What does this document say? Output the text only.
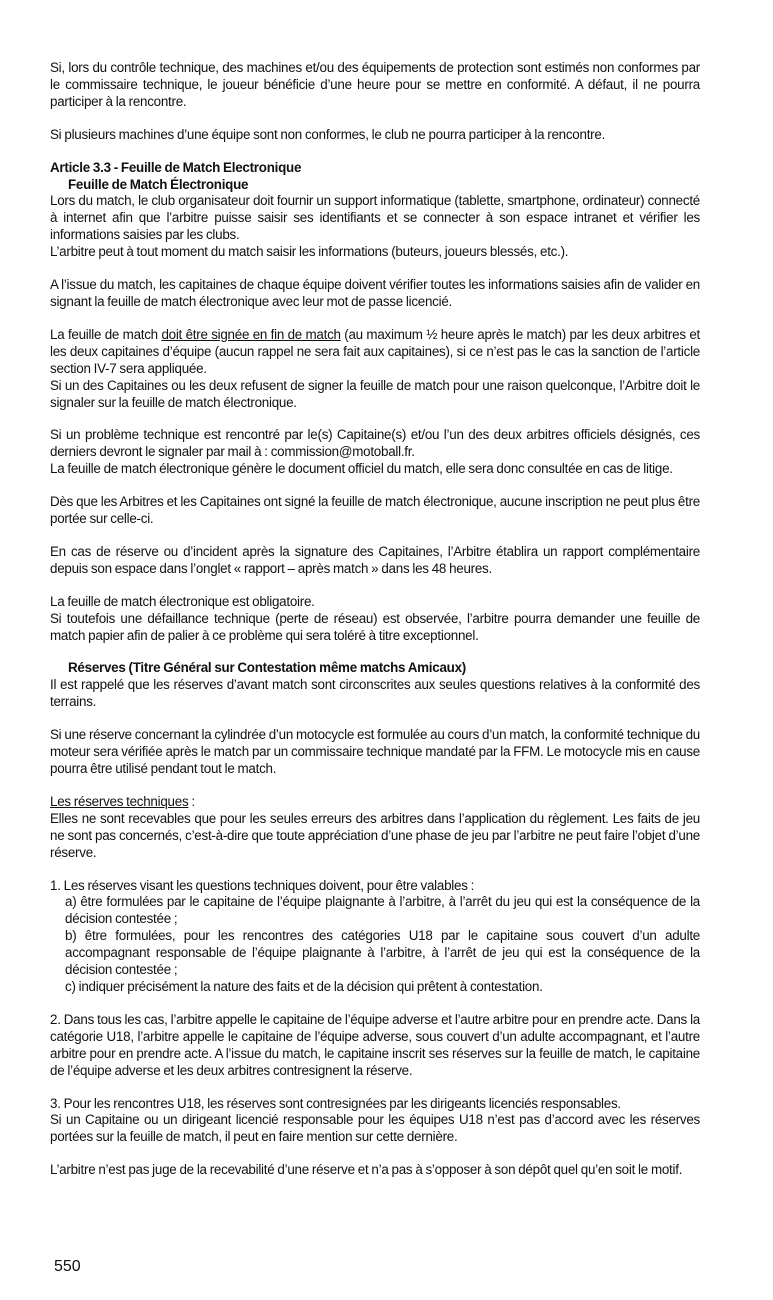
Si, lors du contrôle technique, des machines et/ou des équipements de protection sont estimés non conformes par le commissaire technique, le joueur bénéficie d’une heure pour se mettre en conformité. A défaut, il ne pourra participer à la rencontre.

Si plusieurs machines d’une équipe sont non conformes, le club ne pourra participer à la rencontre.

Article 3.3 - Feuille de Match Electronique

Feuille de Match Électronique

Lors du match, le club organisateur doit fournir un support informatique (tablette, smartphone, ordinateur) connecté à internet afin que l’arbitre puisse saisir ses identifiants et se connecter à son espace intranet et vérifier les informations saisies par les clubs.

L’arbitre peut à tout moment du match saisir les informations (buteurs, joueurs blessés, etc.).

A l’issue du match, les capitaines de chaque équipe doivent vérifier toutes les informations saisies afin de valider en signant la feuille de match électronique avec leur mot de passe licencié.

La feuille de match doit être signée en fin de match (au maximum ½ heure après le match) par les deux arbitres et les deux capitaines d’équipe (aucun rappel ne sera fait aux capitaines), si ce n’est pas le cas la sanction de l’article section IV-7 sera appliquée.

Si un des Capitaines ou les deux refusent de signer la feuille de match pour une raison quelconque, l’Arbitre doit le signaler sur la feuille de match électronique.

Si un problème technique est rencontré par le(s) Capitaine(s) et/ou l’un des deux arbitres officiels désignés, ces derniers devront le signaler par mail à : commission@motoball.fr.

La feuille de match électronique génère le document officiel du match, elle sera donc consultée en cas de litige.

Dès que les Arbitres et les Capitaines ont signé la feuille de match électronique, aucune inscription ne peut plus être portée sur celle-ci.

En cas de réserve ou d’incident après la signature des Capitaines, l’Arbitre établira un rapport complémentaire depuis son espace dans l’onglet « rapport – après match » dans les 48 heures.

La feuille de match électronique est obligatoire.

Si toutefois une défaillance technique (perte de réseau) est observée, l’arbitre pourra demander une feuille de match papier afin de palier à ce problème qui sera toléré à titre exceptionnel.

Réserves (Titre Général sur Contestation même matchs Amicaux)

Il est rappelé que les réserves d’avant match sont circonscrites aux seules questions relatives à la conformité des terrains.

Si une réserve concernant la cylindrée d’un motocycle est formulée au cours d’un match, la conformité technique du moteur sera vérifiée après le match par un commissaire technique mandaté par la FFM. Le motocycle mis en cause pourra être utilisé pendant tout le match.

Les réserves techniques :

Elles ne sont recevables que pour les seules erreurs des arbitres dans l’application du règlement. Les faits de jeu ne sont pas concernés, c’est-à-dire que toute appréciation d’une phase de jeu par l’arbitre ne peut faire l’objet d’une réserve.

1. Les réserves visant les questions techniques doivent, pour être valables :

a) être formulées par le capitaine de l’équipe plaignante à l’arbitre, à l’arrêt du jeu qui est la conséquence de la décision contestée ;

b) être formulées, pour les rencontres des catégories U18 par le capitaine sous couvert d’un adulte accompagnant responsable de l’équipe plaignante à l’arbitre, à l’arrêt de jeu qui est la conséquence de la décision contestée ;

c) indiquer précisément la nature des faits et de la décision qui prêtent à contestation.

2. Dans tous les cas, l’arbitre appelle le capitaine de l’équipe adverse et l’autre arbitre pour en prendre acte. Dans la catégorie U18, l’arbitre appelle le capitaine de l’équipe adverse, sous couvert d’un adulte accompagnant, et l’autre arbitre pour en prendre acte. A l’issue du match, le capitaine inscrit ses réserves sur la feuille de match, le capitaine de l’équipe adverse et les deux arbitres contresignent la réserve.

3. Pour les rencontres U18, les réserves sont contresignées par les dirigeants licenciés responsables.

Si un Capitaine ou un dirigeant licencié responsable pour les équipes U18 n’est pas d’accord avec les réserves portées sur la feuille de match, il peut en faire mention sur cette dernière.

L’arbitre n’est pas juge de la recevabilité d’une réserve et n’a pas à s’opposer à son dépôt quel qu’en soit le motif.

550
